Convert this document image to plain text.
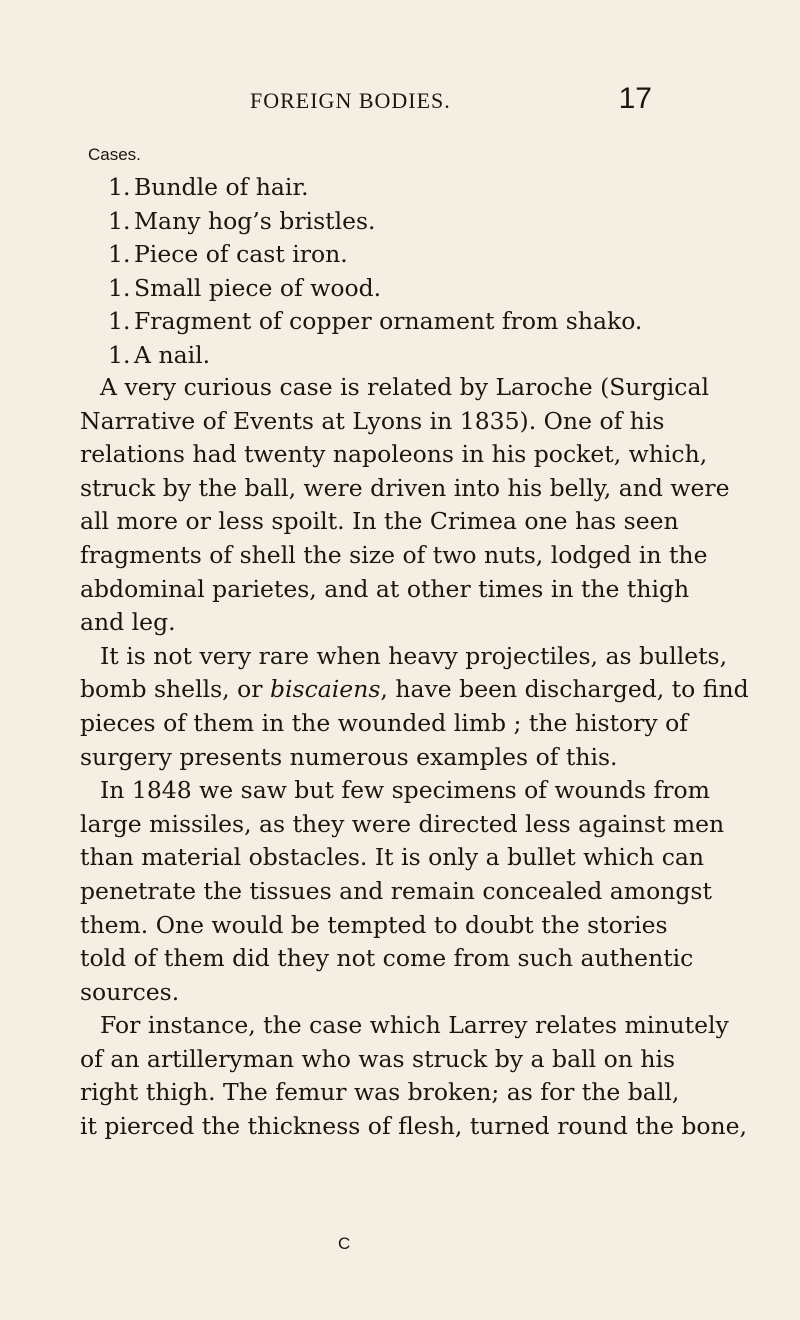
FOREIGN BODIES.	17
Cases.
1. Bundle of hair.
1. Many hog’s bristles.
1. Piece of cast iron.
1. Small piece of wood.
1. Fragment of copper ornament from shako.
1. A nail.
A very curious case is related by Laroche (Surgical
Narrative of Events at Lyons in 1835). One of his
relations had twenty napoleons in his pocket, which,
struck by the ball, were driven into his belly, and were
all more or less spoilt. In the Crimea one has seen
fragments of shell the size of two nuts, lodged in the
abdominal parietes, and at other times in the thigh
and leg.
It is not very rare when heavy projectiles, as bullets,
bomb shells, or biscaiens, have been discharged, to find
pieces of them in the wounded limb ; the history of
surgery presents numerous examples of this.
In 1848 we saw but few specimens of wounds from
large missiles, as they were directed less against men
than material obstacles. It is only a bullet which can
penetrate the tissues and remain concealed amongst
them. One would be tempted to doubt the stories
told of them did they not come from such authentic
sources.
For instance, the case which Larrey relates minutely
of an artilleryman who was struck by a ball on his
right thigh. The femur was broken; as for the ball,
it pierced the thickness of flesh, turned round the bone,
C
